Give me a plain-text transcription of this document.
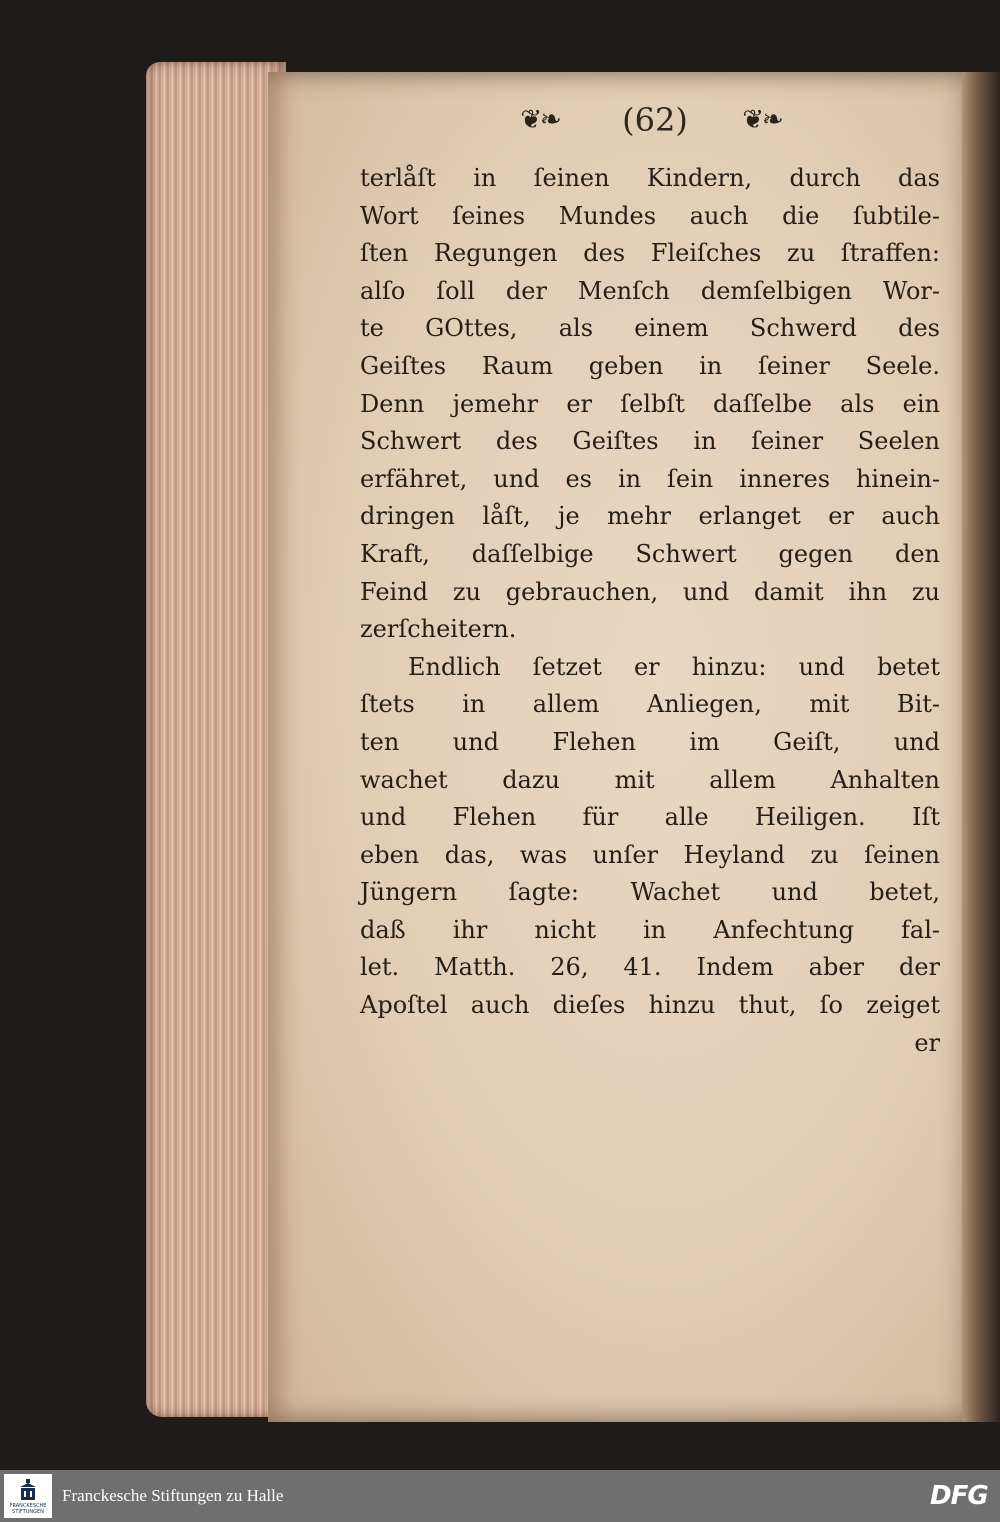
❦❧	(62)	❦❧
terlåſt in ſeinen Kindern, durch das
Wort ſeines Mundes auch die ſubtile-
ſten Regungen des Fleiſches zu ſtraffen:
alſo ſoll der Menſch demſelbigen Wor-
te GOttes, als einem Schwerd des
Geiſtes Raum geben in ſeiner Seele.
Denn jemehr er ſelbſt daſſelbe als ein
Schwert des Geiſtes in ſeiner Seelen
erfähret, und es in ſein inneres hinein-
dringen låſt, je mehr erlanget er auch
Kraft, daſſelbige Schwert gegen den
Feind zu gebrauchen, und damit ihn zu
zerſcheitern.
Endlich ſetzet er hinzu: und betet
ſtets in allem Anliegen, mit Bit-
ten und Flehen im Geiſt, und
wachet dazu mit allem Anhalten
und Flehen für alle Heiligen. Iſt
eben das, was unſer Heyland zu ſeinen
Jüngern ſagte: Wachet und betet,
daß ihr nicht in Anfechtung fal-
let. Matth. 26, 41. Indem aber der
Apoſtel auch dieſes hinzu thut, ſo zeiget
er
FRANCKESCHE STIFTUNGEN
Franckesche Stiftungen zu Halle	DFG
